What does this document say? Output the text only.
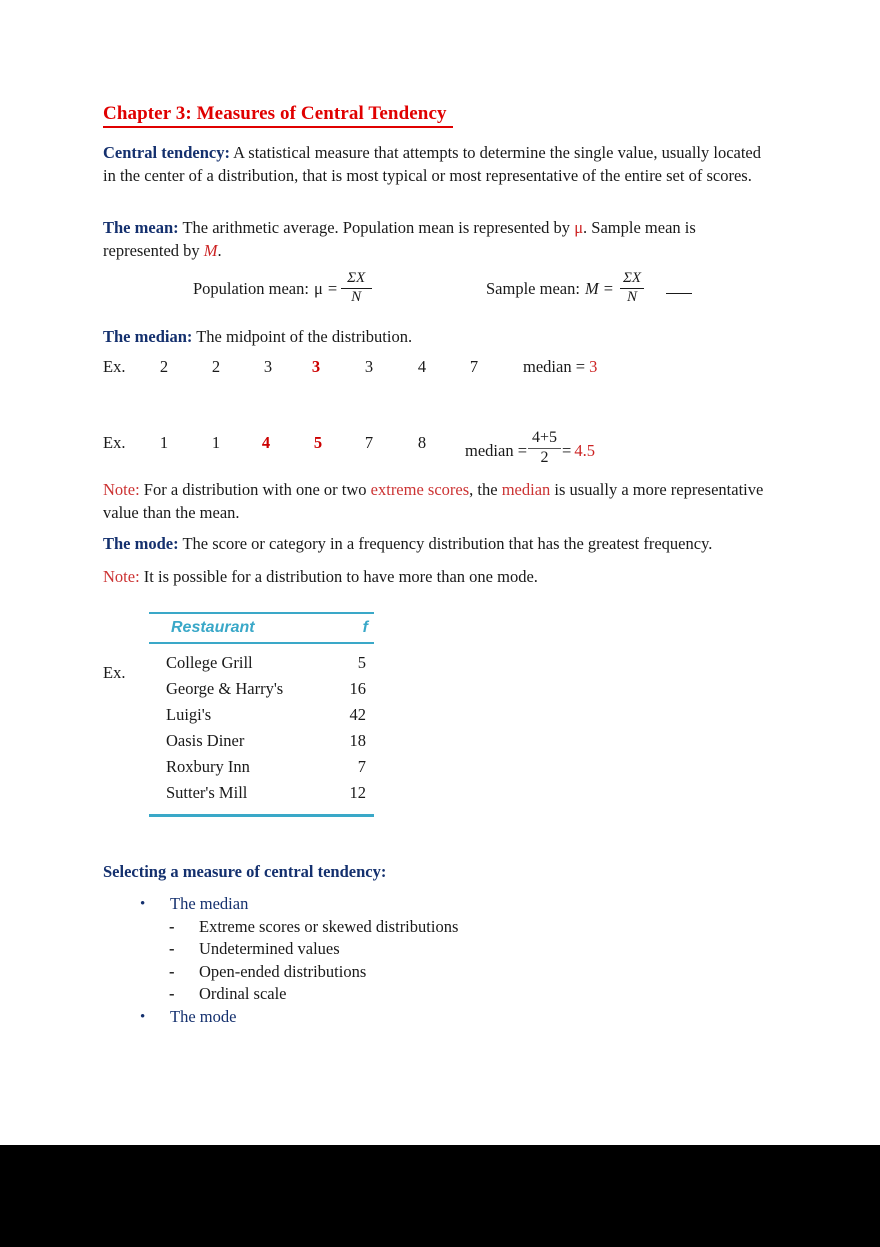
Chapter 3: Measures of Central Tendency
Central tendency: A statistical measure that attempts to determine the single value, usually located in the center of a distribution, that is most typical or most representative of the entire set of scores.
The mean: The arithmetic average. Population mean is represented by μ. Sample mean is represented by M.
Population mean: $\mu = \frac{\Sigma X}{N}$	Sample mean: $M = \frac{\Sigma X}{N}$
The median: The midpoint of the distribution.
Ex.	2	2	3	3	3	4	7	median = 3
Ex.	1	1	4	5	7	8	median =
4+5
2 = 4.5
Note: For a distribution with one or two extreme scores, the median is usually a more representative value than the mean.
The mode: The score or category in a frequency distribution that has the greatest frequency.
Note: It is possible for a distribution to have more than one mode.
Ex.
Restaurant	f
College Grill	5
George & Harry's	16
Luigi's	42
Oasis Diner	18
Roxbury Inn	7
Sutter's Mill	12
Selecting a measure of central tendency:
•	The median
-	Extreme scores or skewed distributions
-	Undetermined values
-	Open-ended distributions
-	Ordinal scale
•	The mode
